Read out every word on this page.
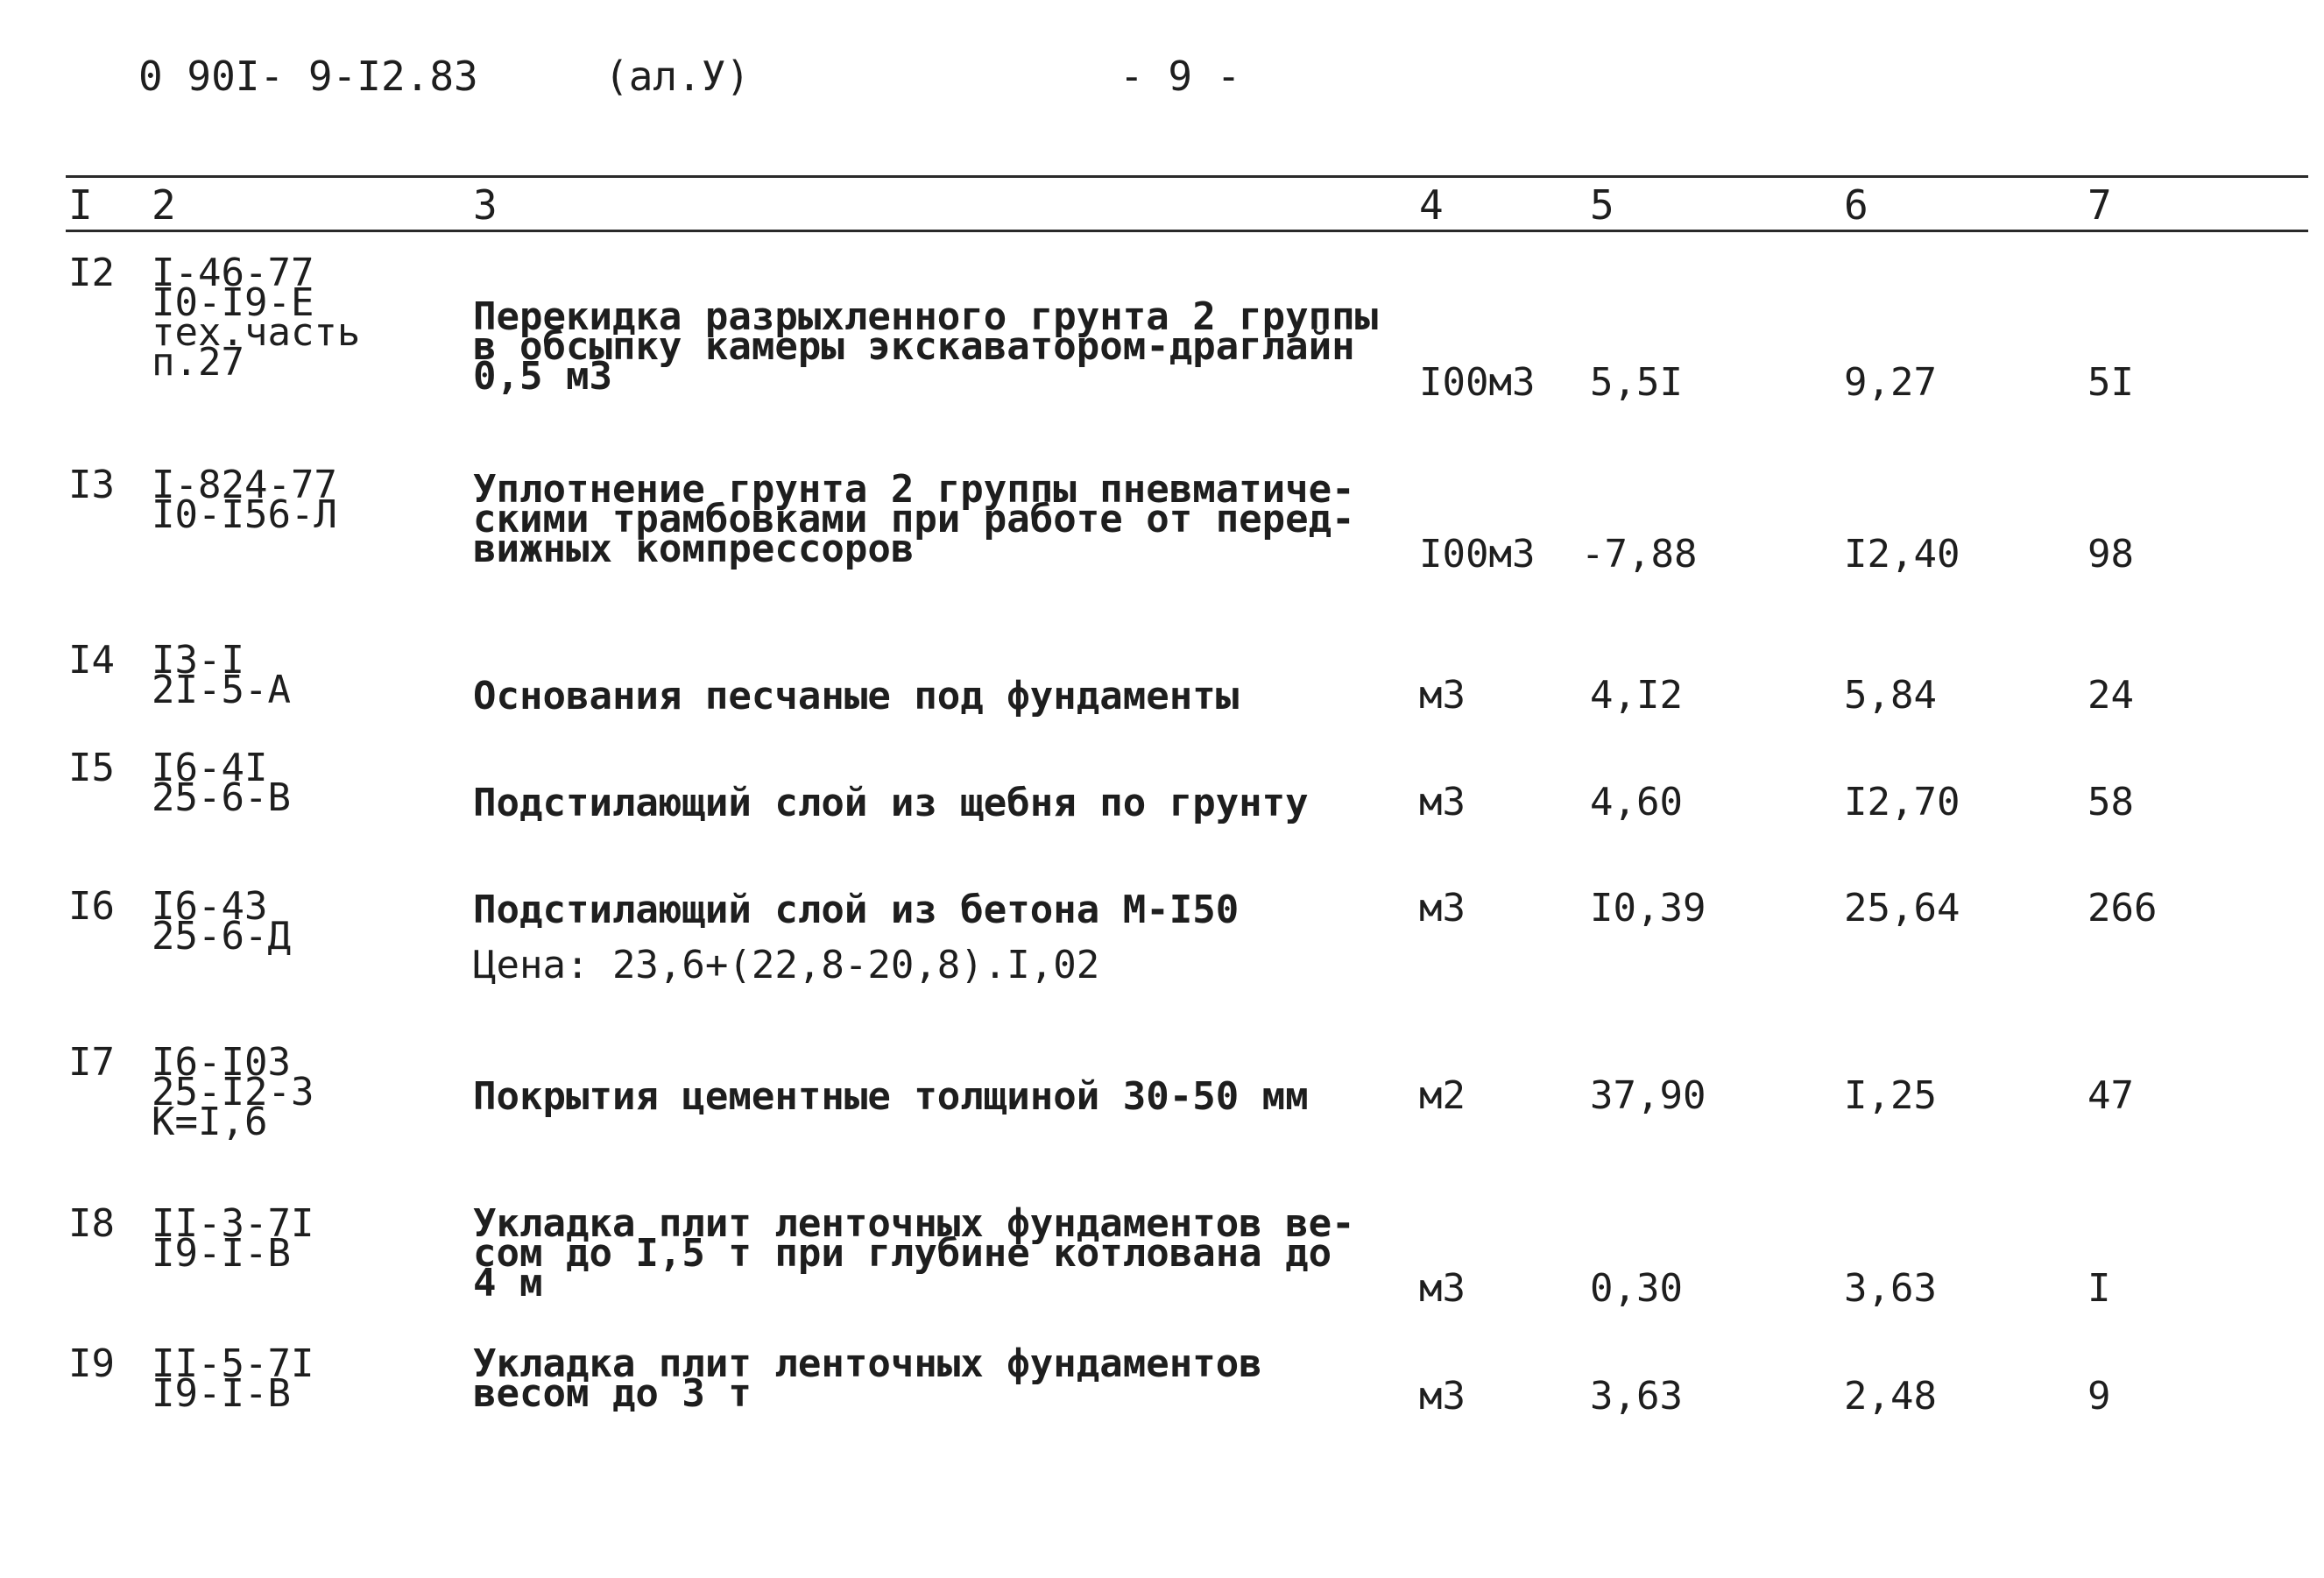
0 90I- 9-I2.83	(ал.У)	- 9 -
I 2	3	4	5	6	7
I2 I-46-77
I0-I9-E
тех.часть
п.27
Перекидка разрыхленного грунта 2 группы
в обсыпку камеры экскаватором-драглайн
0,5 м3	I00м3 5,5I	9,27	5I
I3 I-824-77
I0-I56-Л
Уплотнение грунта 2 группы пневматиче-
скими трамбовками при работе от перед-
вижных компрессоров	I00м3 -7,88	I2,40	98
I4 I3-I
2I-5-A	Основания песчаные под фундаменты	м3	4,I2	5,84	24
I5 I6-4I
25-6-В	Подстилающий слой из щебня по грунту	м3	4,60	I2,70	58
I6 I6-43
25-6-Д
Подстилающий слой из бетона М-I50
Цена: 23,6+(22,8-20,8).I,02
м3	I0,39	25,64	266
I7 I6-I03
25-I2-3
К=I,6
Покрытия цементные толщиной 30-50 мм	м2	37,90	I,25	47
I8 II-3-7I
I9-I-В
Укладка плит ленточных фундаментов ве-
сом до I,5 т при глубине котлована до
4 м	м3	0,30	3,63	I
I9 II-5-7I
I9-I-В
Укладка плит ленточных фундаментов
весом до 3 т	м3	3,63	2,48	9
